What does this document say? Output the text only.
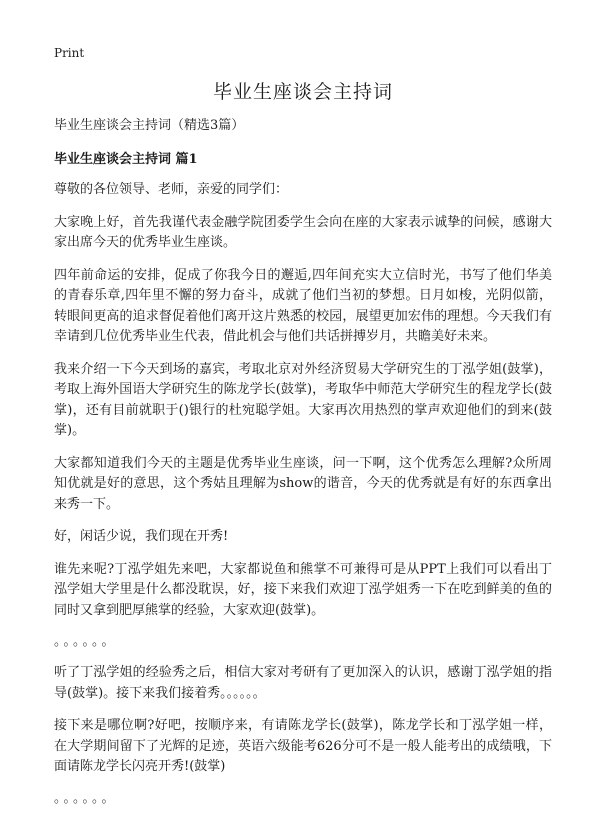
Print
毕业生座谈会主持词
毕业生座谈会主持词（精选3篇）
毕业生座谈会主持词 篇1

尊敬的各位领导、老师，亲爱的同学们：

大家晚上好，首先我谨代表金融学院团委学生会向在座的大家表示诚挚的问候，感谢大家出席今天的优秀毕业生座谈。

四年前命运的安排，促成了你我今日的邂逅,四年间充实大立信时光，书写了他们华美的青春乐章,四年里不懈的努力奋斗，成就了他们当初的梦想。日月如梭，光阴似箭，转眼间更高的追求督促着他们离开这片熟悉的校园，展望更加宏伟的理想。今天我们有幸请到几位优秀毕业生代表，借此机会与他们共话拼搏岁月，共瞻美好未来。

我来介绍一下今天到场的嘉宾，考取北京对外经济贸易大学研究生的丁泓学姐(鼓掌)，考取上海外国语大学研究生的陈龙学长(鼓掌)，考取华中师范大学研究生的程龙学长(鼓掌)，还有目前就职于()银行的杜宛聪学姐。大家再次用热烈的掌声欢迎他们的到来(鼓掌)。

大家都知道我们今天的主题是优秀毕业生座谈，问一下啊，这个优秀怎么理解?众所周知优就是好的意思，这个秀姑且理解为show的谐音，今天的优秀就是有好的东西拿出来秀一下。

好，闲话少说，我们现在开秀!

谁先来呢?丁泓学姐先来吧，大家都说鱼和熊掌不可兼得可是从PPT上我们可以看出丁泓学姐大学里是什么都没耽误，好，接下来我们欢迎丁泓学姐秀一下在吃到鲜美的鱼的同时又拿到肥厚熊掌的经验，大家欢迎(鼓掌)。

。。。。。。

听了丁泓学姐的经验秀之后，相信大家对考研有了更加深入的认识，感谢丁泓学姐的指导(鼓掌)。接下来我们接着秀。。。。。。

接下来是哪位啊?好吧，按顺序来，有请陈龙学长(鼓掌)，陈龙学长和丁泓学姐一样，在大学期间留下了光辉的足迹，英语六级能考626分可不是一般人能考出的成绩哦，下面请陈龙学长闪亮开秀!(鼓掌)

。。。。。。
